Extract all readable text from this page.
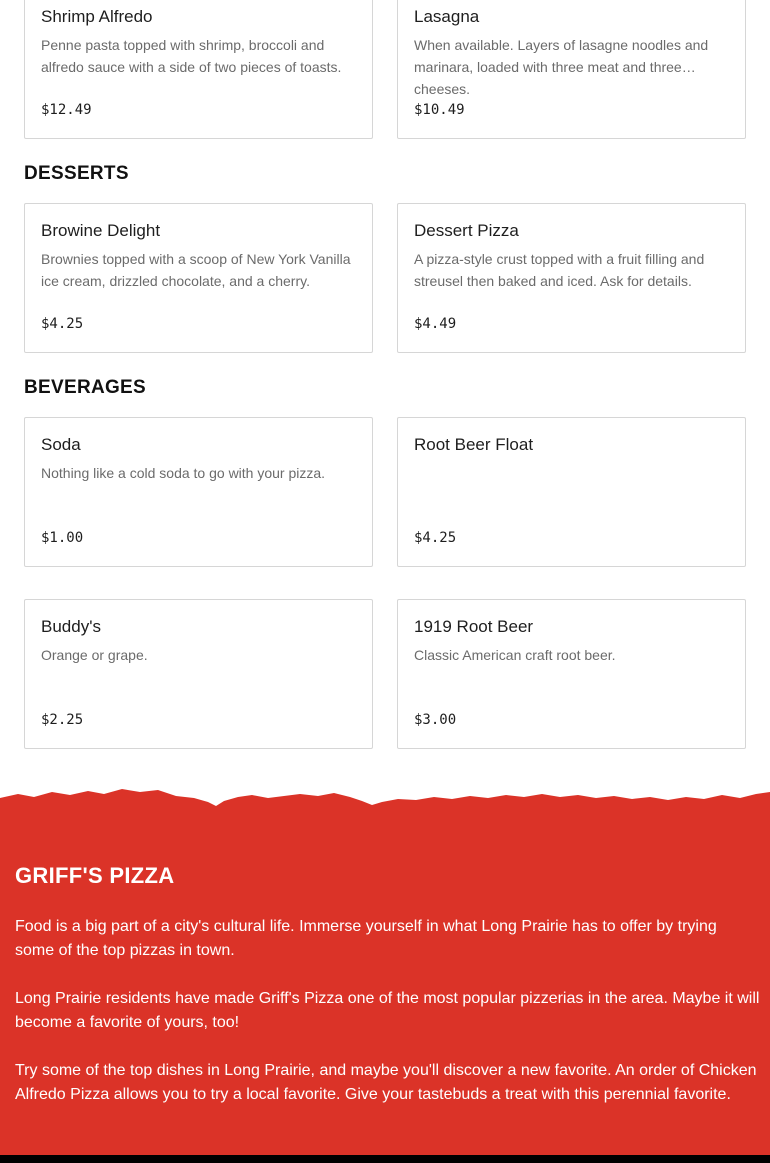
Shrimp Alfredo
Penne pasta topped with shrimp, broccoli and alfredo sauce with a side of two pieces of toasts.
$12.49
Lasagna
When available. Layers of lasagne noodles and marinara, loaded with three meat and three cheeses.
$10.49
DESSERTS
Browine Delight
Brownies topped with a scoop of New York Vanilla ice cream, drizzled chocolate, and a cherry.
$4.25
Dessert Pizza
A pizza-style crust topped with a fruit filling and streusel then baked and iced. Ask for details.
$4.49
BEVERAGES
Soda
Nothing like a cold soda to go with your pizza.
$1.00
Root Beer Float
$4.25
Buddy's
Orange or grape.
$2.25
1919 Root Beer
Classic American craft root beer.
$3.00
GRIFF'S PIZZA

Food is a big part of a city's cultural life. Immerse yourself in what Long Prairie has to offer by trying some of the top pizzas in town.

Long Prairie residents have made Griff's Pizza one of the most popular pizzerias in the area. Maybe it will become a favorite of yours, too!

Try some of the top dishes in Long Prairie, and maybe you'll discover a new favorite. An order of Chicken Alfredo Pizza allows you to try a local favorite. Give your tastebuds a treat with this perennial favorite.
